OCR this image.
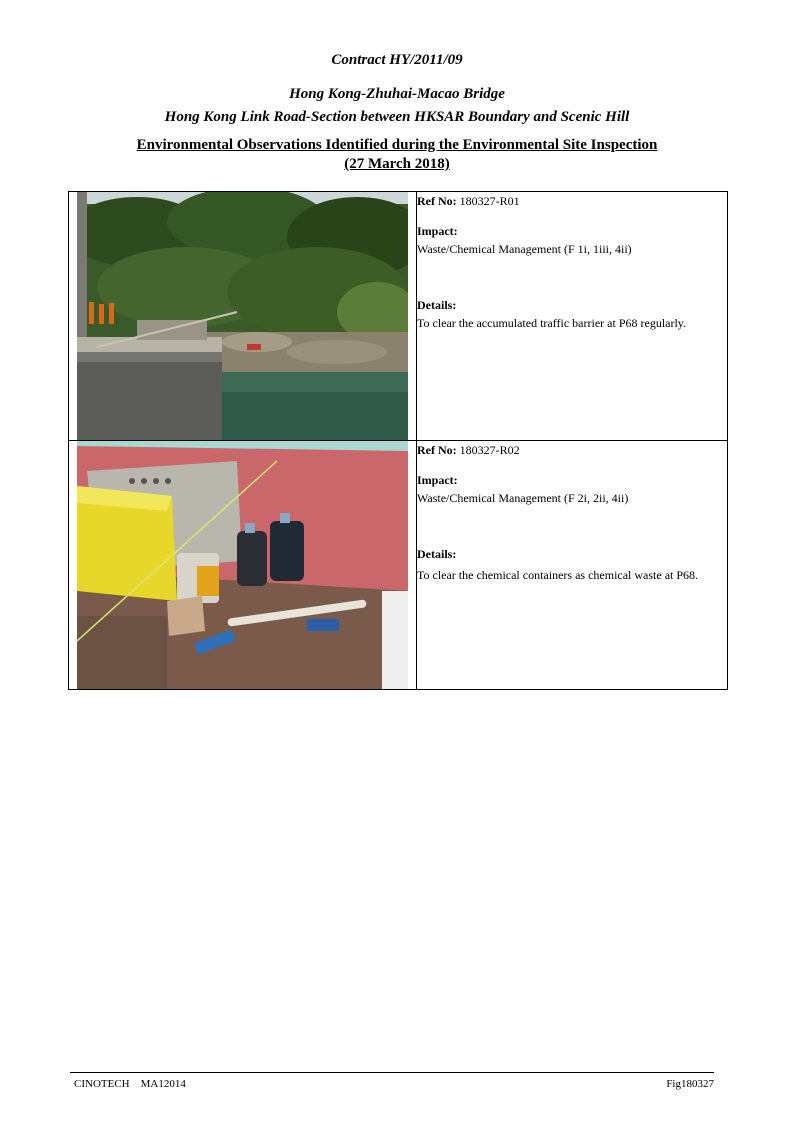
Contract HY/2011/09
Hong Kong-Zhuhai-Macao Bridge
Hong Kong Link Road-Section between HKSAR Boundary and Scenic Hill
Environmental Observations Identified during the Environmental Site Inspection
(27 March 2018)

Ref No: 180327-R01
Impact:
Waste/Chemical Management (F 1i, 1iii, 4ii)
Details:
To clear the accumulated traffic barrier at P68 regularly.

Ref No: 180327-R02
Impact:
Waste/Chemical Management (F 2i, 2ii, 4ii)
Details:
To clear the chemical containers as chemical waste at P68.
CINOTECH    MA12014	Fig180327
